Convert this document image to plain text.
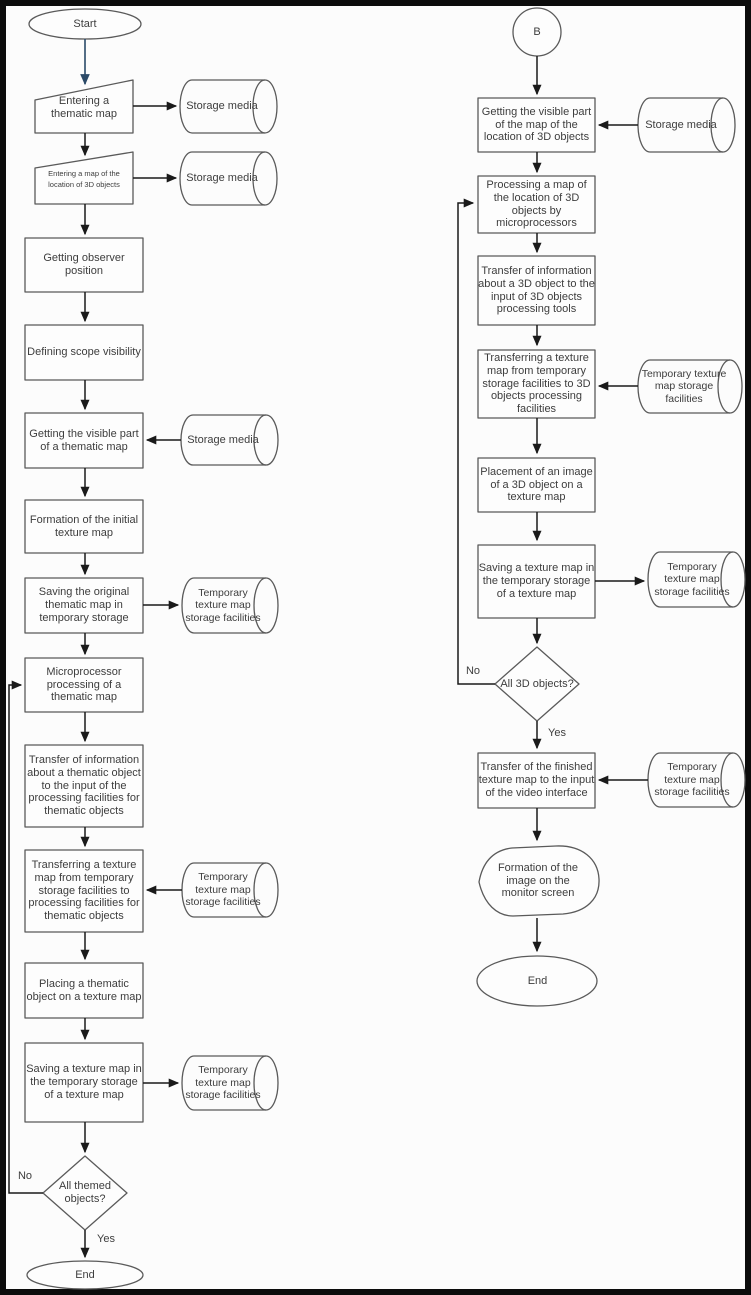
Start
Entering a thematic map
Storage media
Entering a map of the location of 3D objects
Storage media
Getting observer position
Defining scope visibility
Getting the visible part of a thematic map
Storage media
Formation of the initial texture map
Saving the original thematic map in temporary storage
Temporary texture map storage facilities
Microprocessor processing of a thematic map
Transfer of information about a thematic object to the input of the processing facilities for thematic objects
Transferring a texture map from temporary storage facilities to processing facilities for thematic objects
Temporary texture map storage facilities
Placing a thematic object on a texture map
Saving a texture map in the temporary storage of a texture map
Temporary texture map storage facilities
All themed objects?
No
Yes
End
B
Getting the visible part of the map of the location of 3D objects
Storage media
Processing a map of the location of 3D objects by microprocessors
Transfer of information about a 3D object to the input of 3D objects processing tools
Transferring a texture map from temporary storage facilities to 3D objects processing facilities
Temporary texture map storage facilities
Placement of an image of a 3D object on a texture map
Saving a texture map in the temporary storage of a texture map
Temporary texture map storage facilities
All 3D objects?
No
Yes
Transfer of the finished texture map to the input of the video interface
Temporary texture map storage facilities
Formation of the image on the monitor screen
End
